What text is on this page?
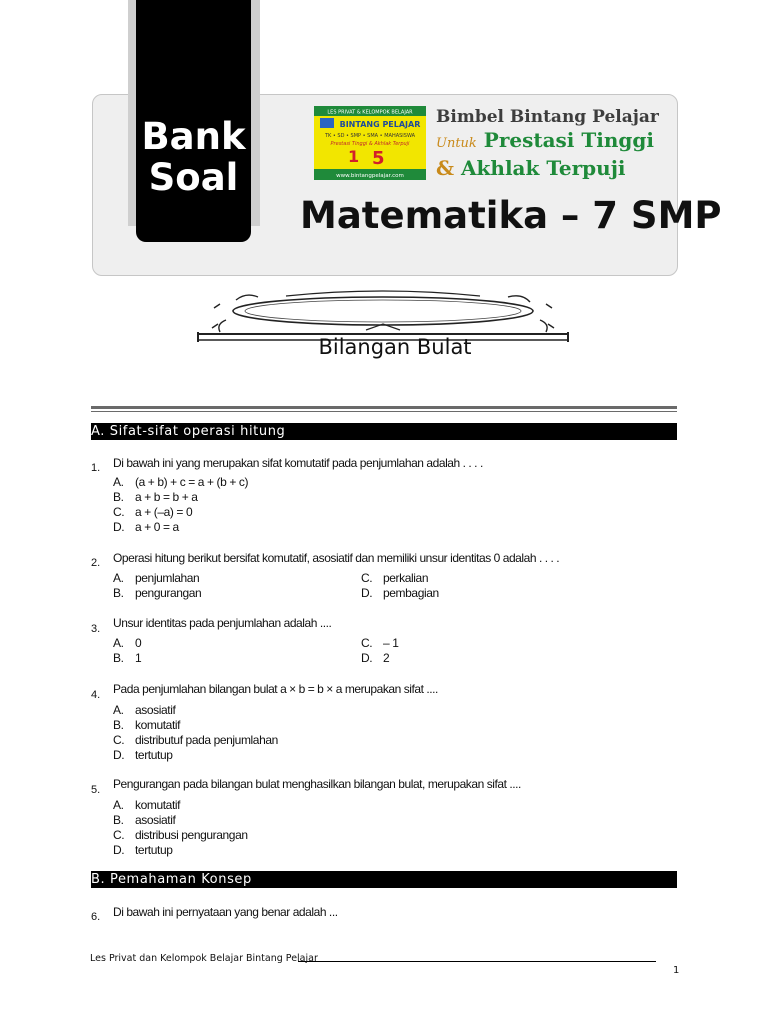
Bank
Soal
LES PRIVAT & KELOMPOK BELAJAR
BINTANG PELAJAR
TK • SD • SMP • SMA • MAHASISWA
Prestasi Tinggi & Akhlak Terpuji
1 5
www.bintangpelajar.com
Bimbel Bintang Pelajar
Untuk Prestasi Tinggi
& Akhlak Terpuji
Matematika – 7 SMP
Bilangan Bulat
A. Sifat-sifat operasi hitung
1. Di bawah ini yang merupakan sifat komutatif pada penjumlahan adalah . . . .
A. (a + b) + c = a + (b + c)
B. a + b = b + a
C. a + (–a) = 0
D. a + 0 = a
2. Operasi hitung berikut bersifat komutatif, asosiatif dan memiliki unsur identitas 0 adalah . . . .
A. penjumlahan
B. pengurangan
C. perkalian
D. pembagian
3. Unsur identitas pada penjumlahan adalah ....
A. 0
B. 1
C. – 1
D. 2
4. Pada penjumlahan bilangan bulat a × b = b × a merupakan sifat ....
A. asosiatif
B. komutatif
C. distributuf pada penjumlahan
D. tertutup
5. Pengurangan pada bilangan bulat menghasilkan bilangan bulat, merupakan sifat ....
A. komutatif
B. asosiatif
C. distribusi pengurangan
D. tertutup
B. Pemahaman Konsep
6. Di bawah ini pernyataan yang benar adalah ...
Les Privat dan Kelompok Belajar Bintang Pelajar
1
